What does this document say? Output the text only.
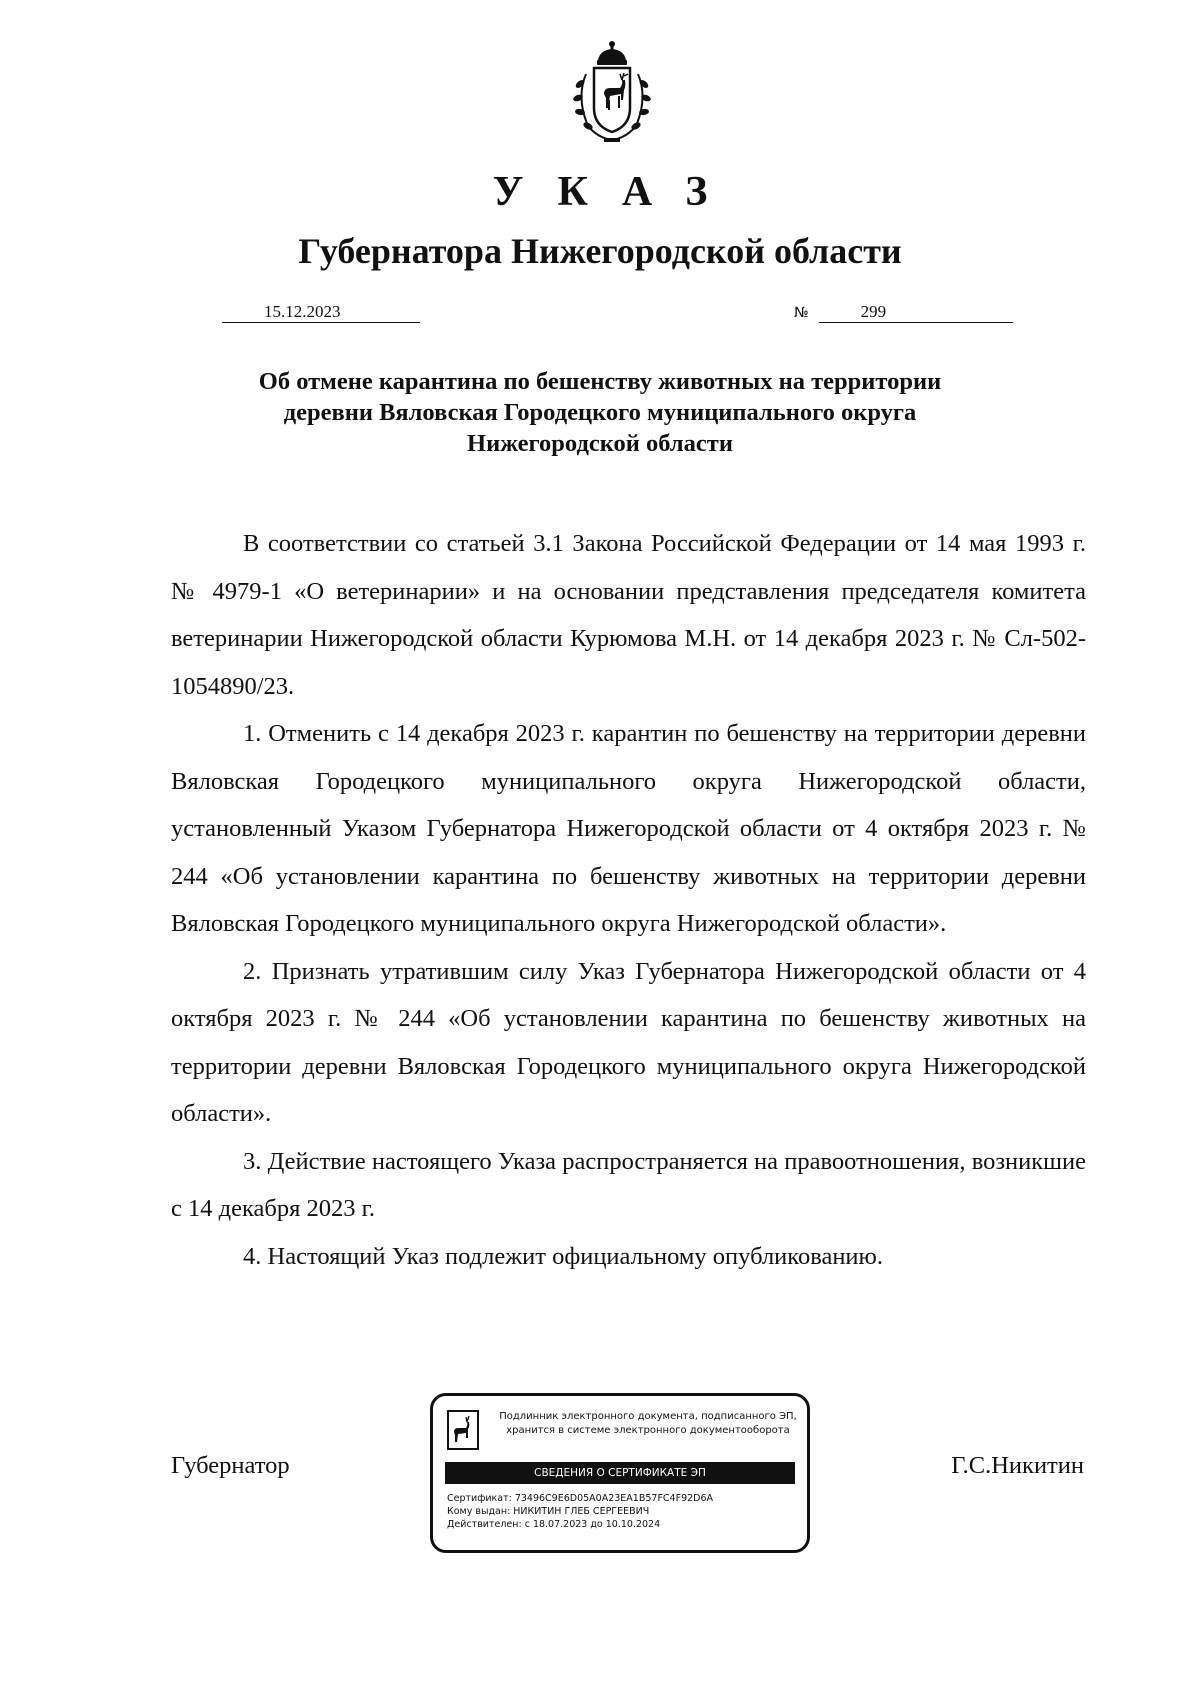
УКАЗ
Губернатора Нижегородской области
15.12.2023	№	299
Об отмене карантина по бешенству животных на территории
деревни Вяловская Городецкого муниципального округа
Нижегородской области

В соответствии со статьей 3.1 Закона Российской Федерации от 14 мая 1993 г. № 4979-1 «О ветеринарии» и на основании представления председателя комитета ветеринарии Нижегородской области Курюмова М.Н. от 14 декабря 2023 г. № Сл-502-1054890/23.

1. Отменить с 14 декабря 2023 г. карантин по бешенству на территории деревни Вяловская Городецкого муниципального округа Нижегородской области, установленный Указом Губернатора Нижегородской области от 4 октября 2023 г. № 244 «Об установлении карантина по бешенству животных на территории деревни Вяловская Городецкого муниципального округа Нижегородской области».

2. Признать утратившим силу Указ Губернатора Нижегородской области от 4 октября 2023 г. № 244 «Об установлении карантина по бешенству животных на территории деревни Вяловская Городецкого муниципального округа Нижегородской области».

3. Действие настоящего Указа распространяется на правоотношения, возникшие с 14 декабря 2023 г.

4. Настоящий Указ подлежит официальному опубликованию.

Губернатор	Г.С.Никитин
Подлинник электронного документа, подписанного ЭП,
хранится в системе электронного документооборота
СВЕДЕНИЯ О СЕРТИФИКАТЕ ЭП
Сертификат: 73496C9E6D05A0A23EA1B57FC4F92D6A
Кому выдан: НИКИТИН ГЛЕБ СЕРГЕЕВИЧ
Действителен: с 18.07.2023 до 10.10.2024
